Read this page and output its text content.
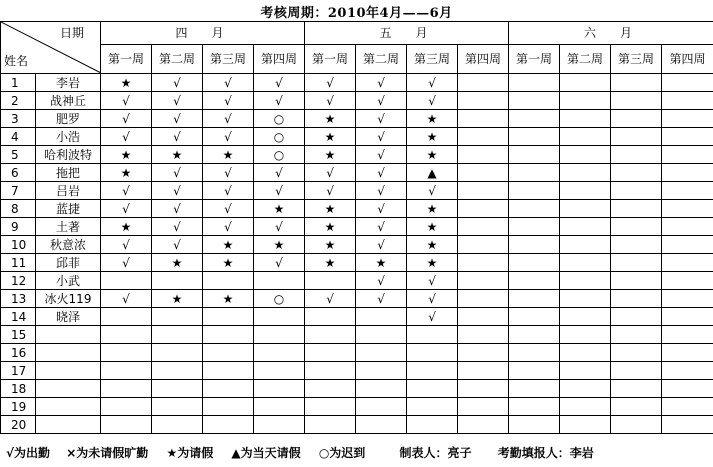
考核周期：2010年4月——6月
日期
姓名		四　月				五　月				六　月			
		第一周	第二周	第三周	第四周	第一周	第二周	第三周	第四周	第一周	第二周	第三周	第四周
1	李岩	★	√	√	√	√	√	√					
2	战神丘	√	√	√	√	√	√	√					
3	肥罗	√	√	√	○	★	√	★					
4	小浩	√	√	√	○	★	√	★					
5	哈利波特	★	★	★	○	★	√	★					
6	拖把	★	√	√	√	√	√	▲					
7	吕岩	√	√	√	√	√	√	√					
8	蓝捷	√	√	√	★	★	√	★					
9	土著	★	√	√	√	★	√	★					
10	秋意浓	√	√	★	★	★	√	★					
11	邱菲	√	★	★	√	★	★	★					
12	小武						√	√					
13	冰火119	√	★	★	○	√	√	√					
14	晓泽							√					
15													
16													
17													
18													
19													
20													
√为出勤 ×为未请假旷勤 ★为请假 ▲为当天请假 ○为迟到	制表人：亮子 考勤填报人：李岩
